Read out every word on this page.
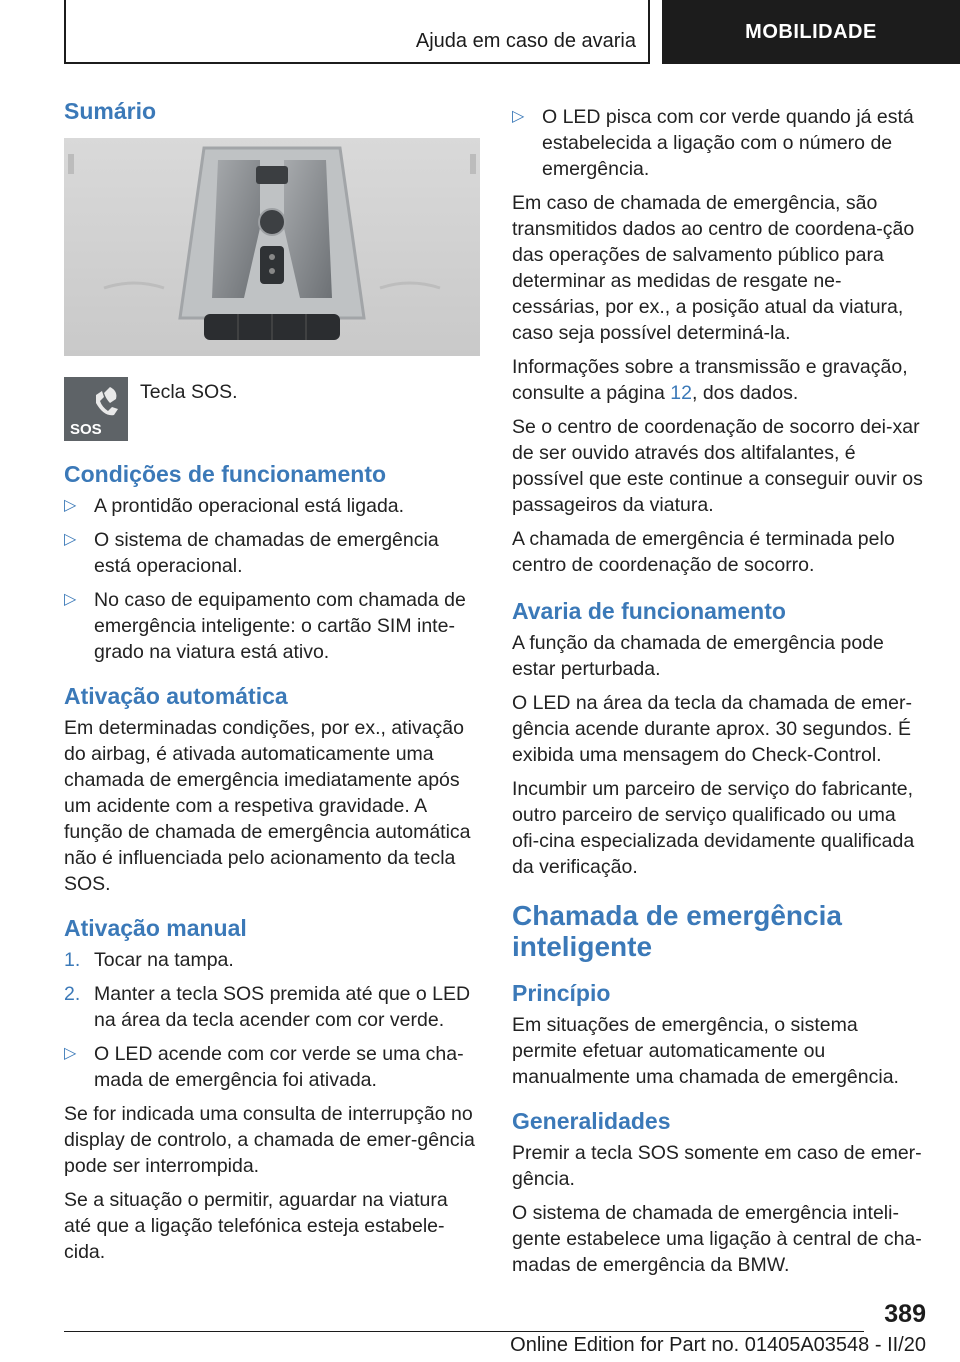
Ajuda em caso de avaria	MOBILIDADE
Sumário
SOS
Tecla SOS.
Condições de funcionamento
▷ A prontidão operacional está ligada.
▷ O sistema de chamadas de emergência está operacional.
▷ No caso de equipamento com chamada de emergência inteligente: o cartão SIM inte-grado na viatura está ativo.
Ativação automática

Em determinadas condições, por ex., ativação do airbag, é ativada automaticamente uma chamada de emergência imediatamente após um acidente com a respetiva gravidade. A função de chamada de emergência automática não é influenciada pelo acionamento da tecla SOS.

Ativação manual
1. Tocar na tampa.
2. Manter a tecla SOS premida até que o LED na área da tecla acender com cor verde.
▷ O LED acende com cor verde se uma cha-mada de emergência foi ativada.

Se for indicada uma consulta de interrupção no display de controlo, a chamada de emer-gência pode ser interrompida.

Se a situação o permitir, aguardar na viatura até que a ligação telefónica esteja estabele-cida.

▷ O LED pisca com cor verde quando já está estabelecida a ligação com o número de emergência.

Em caso de chamada de emergência, são transmitidos dados ao centro de coordena-ção das operações de salvamento público para determinar as medidas de resgate ne-cessárias, por ex., a posição atual da viatura, caso seja possível determiná-la.

Informações sobre a transmissão e gravação, consulte a página 12, dos dados.

Se o centro de coordenação de socorro dei-xar de ser ouvido através dos altifalantes, é possível que este continue a conseguir ouvir os passageiros da viatura.

A chamada de emergência é terminada pelo centro de coordenação de socorro.

Avaria de funcionamento

A função da chamada de emergência pode estar perturbada.

O LED na área da tecla da chamada de emer-gência acende durante aprox. 30 segundos. É exibida uma mensagem do Check-Control.

Incumbir um parceiro de serviço do fabricante, outro parceiro de serviço qualificado ou uma ofi-cina especializada devidamente qualificada da verificação.

Chamada de emergência inteligente
Princípio

Em situações de emergência, o sistema permite efetuar automaticamente ou manualmente uma chamada de emergência.

Generalidades

Premir a tecla SOS somente em caso de emer-gência.

O sistema de chamada de emergência inteli-gente estabelece uma ligação à central de cha-madas de emergência da BMW.

389
Online Edition for Part no. 01405A03548 - II/20
